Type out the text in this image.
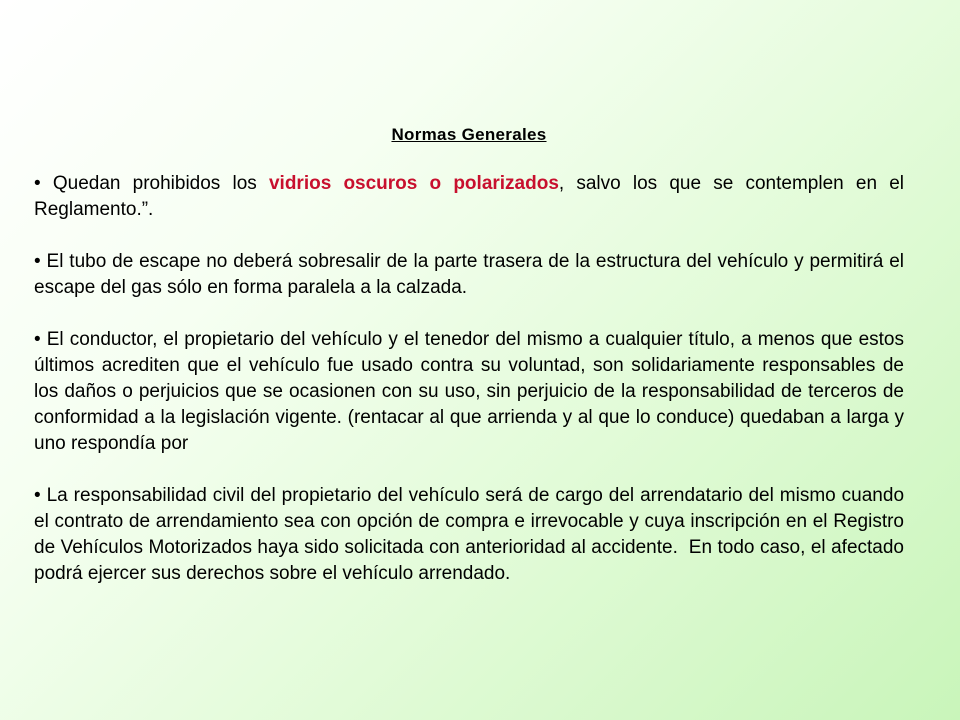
Normas Generales

• Quedan prohibidos los vidrios oscuros o polarizados, salvo los que se contemplen en el Reglamento.”.

• El tubo de escape no deberá sobresalir de la parte trasera de la estructura del vehículo y permitirá el escape del gas sólo en forma paralela a la calzada.

• El conductor, el propietario del vehículo y el tenedor del mismo a cualquier título, a menos que estos últimos acrediten que el vehículo fue usado contra su voluntad, son solidariamente responsables de los daños o perjuicios que se ocasionen con su uso, sin perjuicio de la responsabilidad de terceros de conformidad a la legislación vigente. (rentacar al que arrienda y al que lo conduce) quedaban a larga y uno respondía por

• La responsabilidad civil del propietario del vehículo será de cargo del arrendatario del mismo cuando el contrato de arrendamiento sea con opción de compra e irrevocable y cuya inscripción en el Registro de Vehículos Motorizados haya sido solicitada con anterioridad al accidente.  En todo caso, el afectado podrá ejercer sus derechos sobre el vehículo arrendado.
